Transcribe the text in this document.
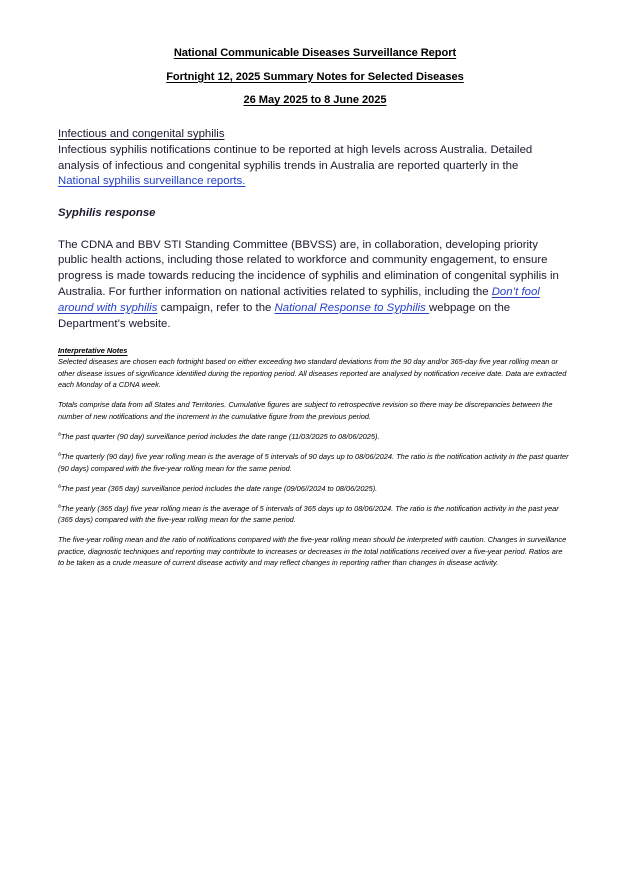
National Communicable Diseases Surveillance Report
Fortnight 12, 2025 Summary Notes for Selected Diseases
26 May 2025 to 8 June 2025
Infectious and congenital syphilis

Infectious syphilis notifications continue to be reported at high levels across Australia. Detailed analysis of infectious and congenital syphilis trends in Australia are reported quarterly in the National syphilis surveillance reports.

Syphilis response

The CDNA and BBV STI Standing Committee (BBVSS) are, in collaboration, developing priority public health actions, including those related to workforce and community engagement, to ensure progress is made towards reducing the incidence of syphilis and elimination of congenital syphilis in Australia. For further information on national activities related to syphilis, including the Don’t fool around with syphilis campaign, refer to the National Response to Syphilis webpage on the Department’s website.

Interpretative Notes

Selected diseases are chosen each fortnight based on either exceeding two standard deviations from the 90 day and/or 365-day five year rolling mean or other disease issues of significance identified during the reporting period. All diseases reported are analysed by notification receive date. Data are extracted each Monday of a CDNA week.

Totals comprise data from all States and Territories. Cumulative figures are subject to retrospective revision so there may be discrepancies between the number of new notifications and the increment in the cumulative figure from the previous period.

$^a$The past quarter (90 day) surveillance period includes the date range (11/03/2025 to 08/06/2025).

$^a$The quarterly (90 day) five year rolling mean is the average of 5 intervals of 90 days up to 08/06/2024. The ratio is the notification activity in the past quarter (90 days) compared with the five-year rolling mean for the same period.

$^a$The past year (365 day) surveillance period includes the date range (09/06//2024 to 08/06/2025).

$^a$The yearly (365 day) five year rolling mean is the average of 5 intervals of 365 days up to 08/06/2024. The ratio is the notification activity in the past year (365 days) compared with the five-year rolling mean for the same period.

The five-year rolling mean and the ratio of notifications compared with the five-year rolling mean should be interpreted with caution. Changes in surveillance practice, diagnostic techniques and reporting may contribute to increases or decreases in the total notifications received over a five-year period. Ratios are to be taken as a crude measure of current disease activity and may reflect changes in reporting rather than changes in disease activity.
